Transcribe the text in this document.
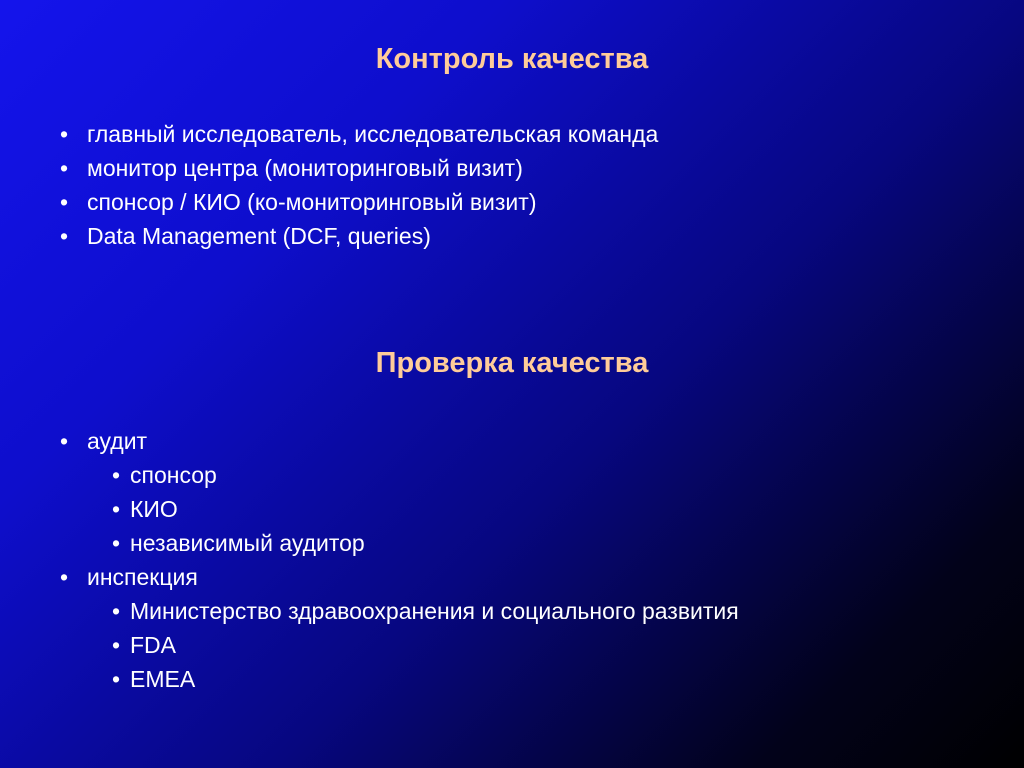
Контроль качества
• главный исследователь, исследовательская команда
• монитор центра (мониторинговый визит)
• спонсор / КИО (ко-мониторинговый визит)
• Data Management (DCF, queries)
Проверка качества
• аудит
• спонсор
• КИО
• независимый аудитор
• инспекция
• Министерство здравоохранения и социального развития
• FDA
• EMEA
